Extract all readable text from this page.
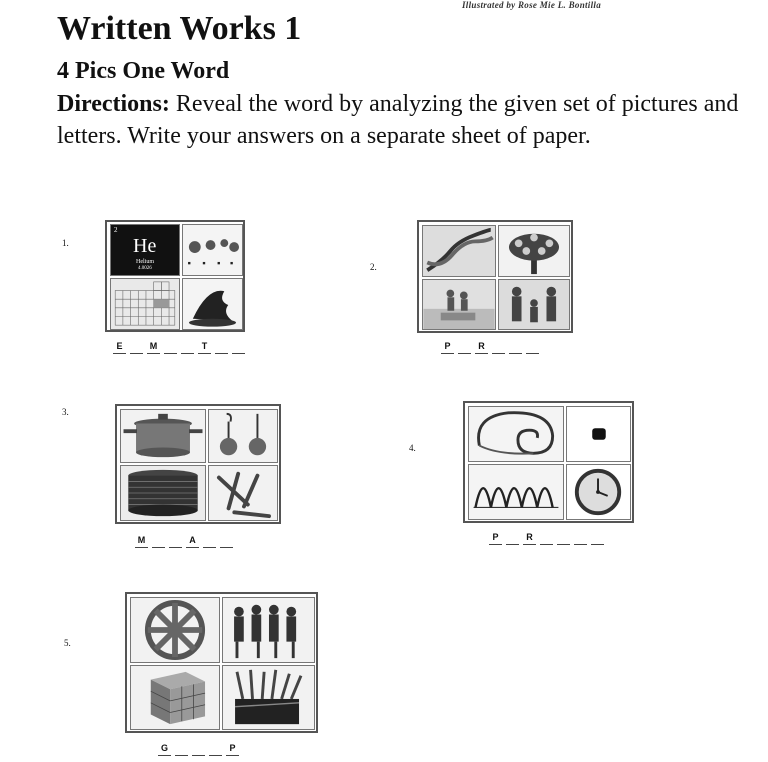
Illustrated by Rose Mie L. Bontilla
Written Works 1
4 Pics One Word
Directions: Reveal the word by analyzing the given set of pictures and letters. Write your answers on a separate sheet of paper.
1.
2
He
Helium
4.0026
■ ■ ■ ■
E	M	T
2.
P	R
3.
M	A
4.
P	R
5.
G	P
